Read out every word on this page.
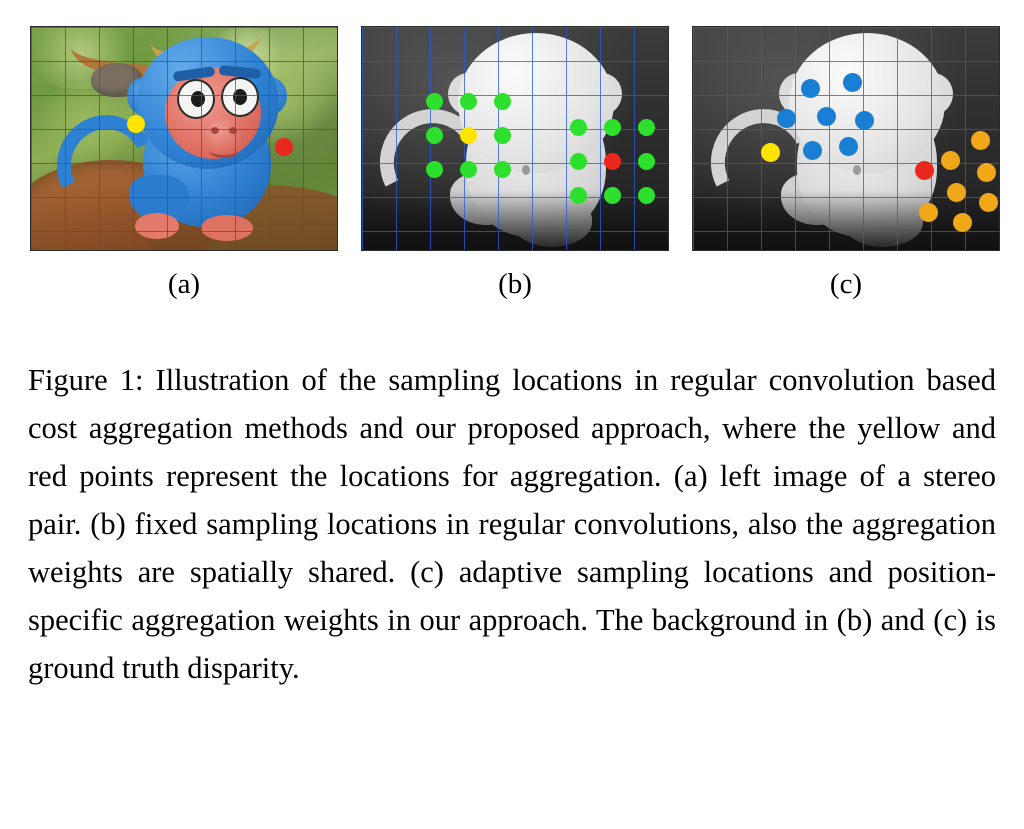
(a)	(b)	(c)
Figure 1: Illustration of the sampling locations in regular convolution based cost aggregation methods and our proposed approach, where the yellow and red points represent the locations for aggregation. (a) left image of a stereo pair. (b) fixed sampling locations in regular convolutions, also the aggregation weights are spatially shared. (c) adaptive sampling locations and position-specific aggregation weights in our approach. The background in (b) and (c) is ground truth disparity.
